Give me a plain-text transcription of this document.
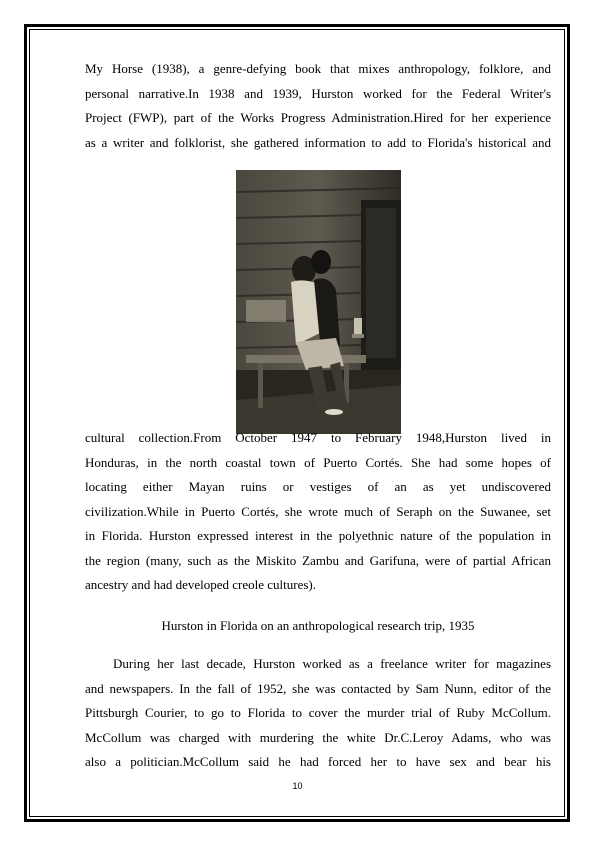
My Horse (1938), a genre-defying book that mixes anthropology, folklore, and
personal narrative.In 1938 and 1939, Hurston worked for the Federal Writer's
Project (FWP), part of the Works Progress Administration.Hired for her experience
as a writer and folklorist, she gathered information to add to Florida's historical and
cultural collection.From October 1947 to February 1948,Hurston lived in
Honduras, in the north coastal town of Puerto Cortés. She had some hopes of
locating either Mayan ruins or vestiges of an as yet undiscovered
civilization.While in Puerto Cortés, she wrote much of Seraph on the Suwanee, set
in Florida. Hurston expressed interest in the polyethnic nature of the population in
the region (many, such as the Miskito Zambu and Garifuna, were of partial African
ancestry and had developed creole cultures).

Hurston in Florida on an anthropological research trip, 1935

During her last decade, Hurston worked as a freelance writer for magazines
and newspapers. In the fall of 1952, she was contacted by Sam Nunn, editor of the
Pittsburgh Courier, to go to Florida to cover the murder trial of Ruby McCollum.
McCollum was charged with murdering the white Dr.C.Leroy Adams, who was
also a politician.McCollum said he had forced her to have sex and bear his
10
